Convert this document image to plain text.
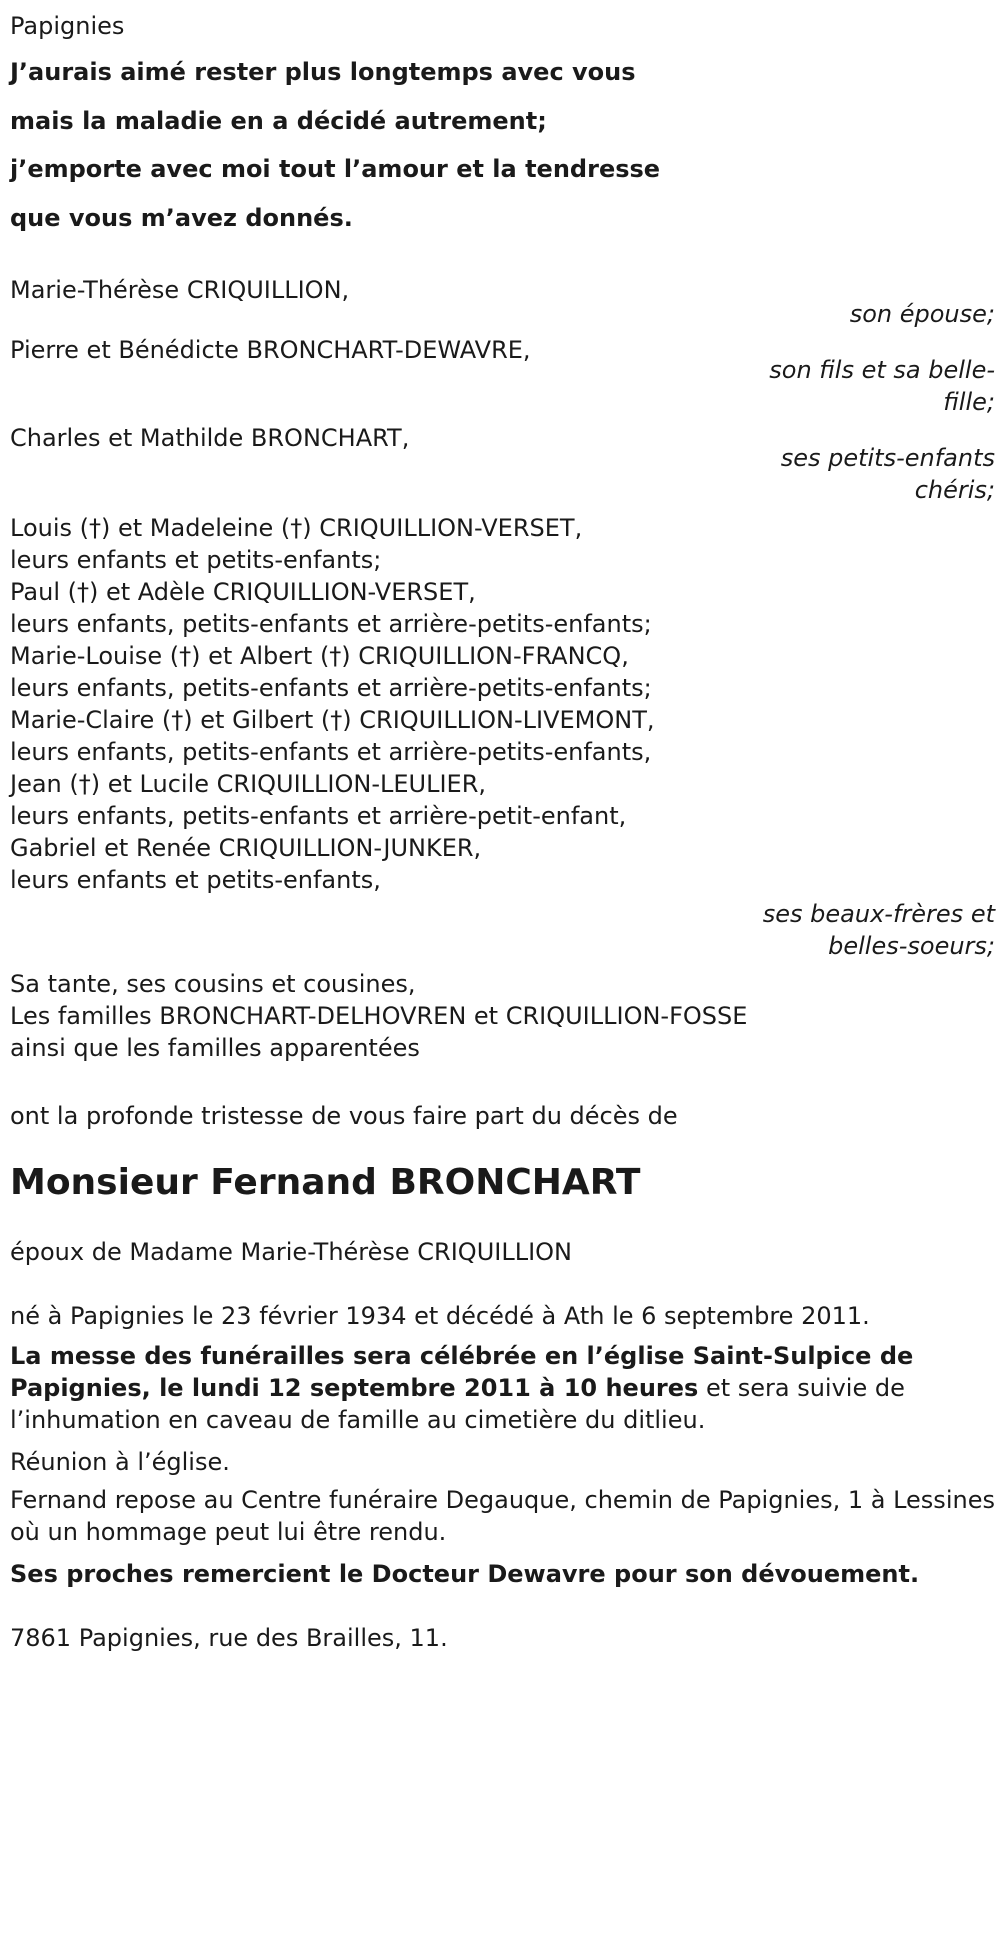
Papignies

J’aurais aimé rester plus longtemps avec vous

mais la maladie en a décidé autrement;

j’emporte avec moi tout l’amour et la tendresse

que vous m’avez donnés.

Marie-Thérèse CRIQUILLION,

son épouse;

Pierre et Bénédicte BRONCHART-DEWAVRE,

son fils et sa belle-

fille;

Charles et Mathilde BRONCHART,

ses petits-enfants

chéris;

Louis (†) et Madeleine (†) CRIQUILLION-VERSET,

leurs enfants et petits-enfants;

Paul (†) et Adèle CRIQUILLION-VERSET,

leurs enfants, petits-enfants et arrière-petits-enfants;

Marie-Louise (†) et Albert (†) CRIQUILLION-FRANCQ,

leurs enfants, petits-enfants et arrière-petits-enfants;

Marie-Claire (†) et Gilbert (†) CRIQUILLION-LIVEMONT,

leurs enfants, petits-enfants et arrière-petits-enfants,

Jean (†) et Lucile CRIQUILLION-LEULIER,

leurs enfants, petits-enfants et arrière-petit-enfant,

Gabriel et Renée CRIQUILLION-JUNKER,

leurs enfants et petits-enfants,

ses beaux-frères et

belles-soeurs;

Sa tante, ses cousins et cousines,

Les familles BRONCHART-DELHOVREN et CRIQUILLION-FOSSE

ainsi que les familles apparentées

ont la profonde tristesse de vous faire part du décès de

Monsieur Fernand BRONCHART

époux de Madame Marie-Thérèse CRIQUILLION

né à Papignies le 23 février 1934 et décédé à Ath le 6 septembre 2011.

La messe des funérailles sera célébrée en l’église Saint-Sulpice de Papignies, le lundi 12 septembre 2011 à 10 heures et sera suivie de l’inhumation en caveau de famille au cimetière du ditlieu.

Réunion à l’église.

Fernand repose au Centre funéraire Degauque, chemin de Papignies, 1 à Lessines où un hommage peut lui être rendu.

Ses proches remercient le Docteur Dewavre pour son dévouement.

7861 Papignies, rue des Brailles, 11.
